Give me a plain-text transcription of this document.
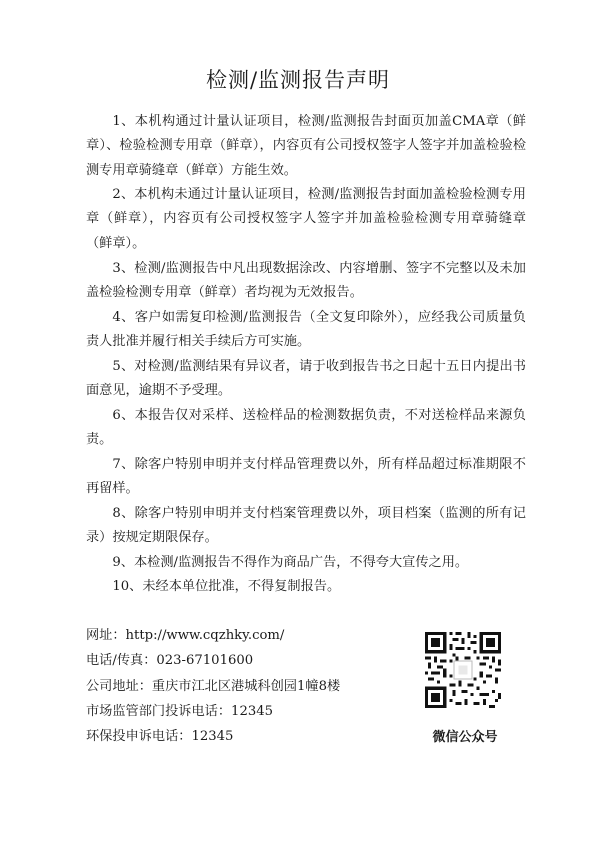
检测/监测报告声明
1、本机构通过计量认证项目，检测/监测报告封面页加盖CMA章（鲜章）、检验检测专用章（鲜章），内容页有公司授权签字人签字并加盖检验检测专用章骑缝章（鲜章）方能生效。
2、本机构未通过计量认证项目，检测/监测报告封面加盖检验检测专用章（鲜章），内容页有公司授权签字人签字并加盖检验检测专用章骑缝章（鲜章）。
3、检测/监测报告中凡出现数据涂改、内容增删、签字不完整以及未加盖检验检测专用章（鲜章）者均视为无效报告。
4、客户如需复印检测/监测报告（全文复印除外），应经我公司质量负责人批准并履行相关手续后方可实施。
5、对检测/监测结果有异议者，请于收到报告书之日起十五日内提出书面意见，逾期不予受理。
6、本报告仅对采样、送检样品的检测数据负责，不对送检样品来源负责。
7、除客户特别申明并支付样品管理费以外，所有样品超过标准期限不再留样。
8、除客户特别申明并支付档案管理费以外，项目档案（监测的所有记录）按规定期限保存。
9、本检测/监测报告不得作为商品广告，不得夸大宣传之用。
10、未经本单位批准，不得复制报告。
网址：http://www.cqzhky.com/
电话/传真：023-67101600
公司地址：重庆市江北区港城科创园1幢8楼
市场监管部门投诉电话：12345
环保投申诉电话：12345	微信公众号
